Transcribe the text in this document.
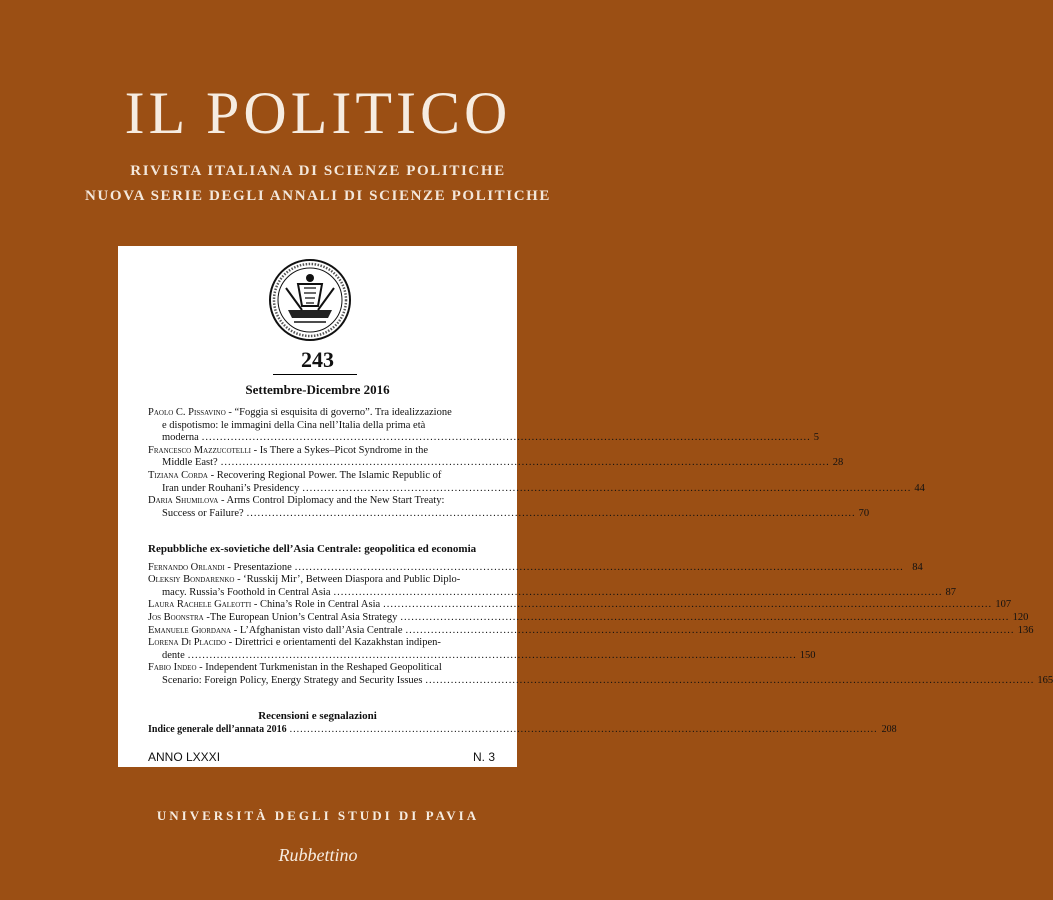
IL POLITICO
RIVISTA ITALIANA DI SCIENZE POLITICHE
NUOVA SERIE DEGLI ANNALI DI SCIENZE POLITICHE
243
Settembre-Dicembre 2016
Paolo C. Pissavino - “Foggia sì esquisita di governo”. Tra idealizzazione
e dispotismo: le immagini della Cina nell’Italia della prima età
moderna .....	5
Francesco Mazzucotelli - Is There a Sykes–Picot Syndrome in the
Middle East? .....	28
Tiziana Corda - Recovering Regional Power. The Islamic Republic of
Iran under Rouhani’s Presidency .....	44
Daria Shumilova - Arms Control Diplomacy and the New Start Treaty:
Success or Failure? .....	70
Repubbliche ex-sovietiche dell’Asia Centrale: geopolitica ed economia
Fernando Orlandi - Presentazione .....	84
Oleksiy Bondarenko - ‘Russkij Mir’, Between Diaspora and Public Diplo-
macy. Russia’s Foothold in Central Asia .....	87
Laura Rachele Galeotti - China’s Role in Central Asia .....	107
Jos Boonstra -The European Union’s Central Asia Strategy .....	120
Emanuele Giordana - L’Afghanistan visto dall’Asia Centrale .....	136
Lorena Di Placido - Direttrici e orientamenti del Kazakhstan indipen-
dente .....	150
Fabio Indeo - Independent Turkmenistan in the Reshaped Geopolitical
Scenario: Foreign Policy, Energy Strategy and Security Issues .....	165
Recensioni e segnalazioni
Indice generale dell’annata 2016 .....	208
ANNO LXXXI	N. 3
UNIVERSITÀ DEGLI STUDI DI PAVIA
Rubbettino
